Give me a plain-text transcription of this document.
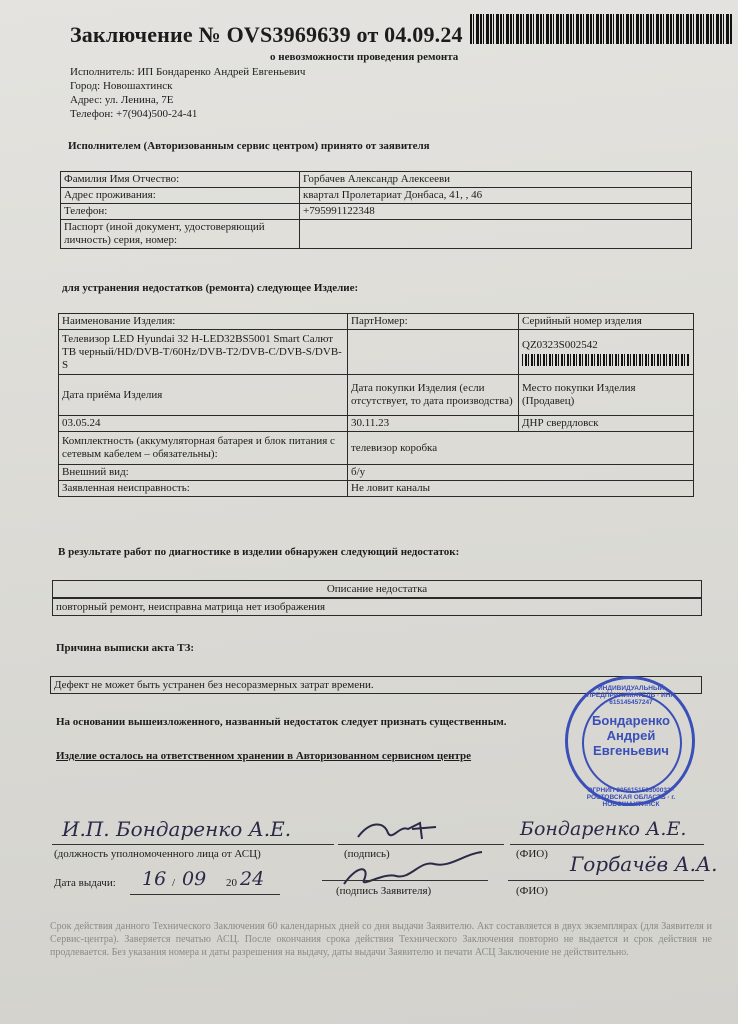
Заключение № OVS3969639 от 04.09.24
о невозможности проведения ремонта
Исполнитель: ИП Бондаренко Андрей Евгеньевич
Город: Новошахтинск
Адрес: ул. Ленина, 7Е
Телефон: +7(904)500-24-41
Исполнителем (Авторизованным сервис центром) принято от заявителя
Фамилия Имя Отчество:	Горбачев Александр Алексееви
Адрес проживания:	квартал Пролетариат Донбаса, 41, , 46
Телефон:	+795991122348
Паспорт (иной документ, удостоверяющий личность) серия, номер:	
для устранения недостатков (ремонта) следующее Изделие:
Наименование Изделия:	ПартНомер:	Серийный номер изделия
Телевизор LED Hyundai 32 H-LED32BS5001 Smart Салют ТВ черный/HD/DVB-T/60Hz/DVB-T2/DVB-C/DVB-S/DVB-S		QZ0323S002542

Дата приёма Изделия	Дата покупки Изделия (если отсутствует, то дата производства)	Место покупки Изделия (Продавец)
03.05.24	30.11.23	ДНР свердловск
Комплектность (аккумуляторная батарея и блок питания с сетевым кабелем – обязательны):	телевизор коробка	
Внешний вид:	б/у	
Заявленная неисправность:	Не ловит каналы	
В результате работ по диагностике в изделии обнаружен следующий недостаток:
Описание недостатка
повторный ремонт, неисправна матрица нет изображения
Причина выписки акта ТЗ:
Дефект не может быть устранен без несоразмерных затрат времени.
На основании вышеизложенного, названный недостаток следует признать существенным.
Изделие осталось на ответственном хранении в Авторизованном сервисном центре
ИНДИВИДУАЛЬНЫЙ ПРЕДПРИНИМАТЕЛЬ · ИНН 615145457247
Бондаренко
Андрей
Евгеньевич
ОГРНИП 305615153300033 · РОСТОВСКАЯ ОБЛАСТЬ · г. НОВОШАХТИНСК
И.П. Бондаренко А.Е.
(должность уполномоченного лица от АСЦ)	(подпись)
Бондаренко А.Е.
(ФИО)
Дата выдачи: 16 / 09 20 24
(подпись Заявителя)
Горбачёв А.А.
(ФИО)
Срок действия данного Технического Заключения 60 календарных дней со дня выдачи Заявителю. Акт составляется в двух экземплярах (для Заявителя и Сервис-центра). Заверяется печатью АСЦ. После окончания срока действия Технического Заключения повторно не выдается и срок действия не продлевается. Без указания номера и даты разрешения на выдачу, даты выдачи Заявителю и печати АСЦ Заключение не действительно.
